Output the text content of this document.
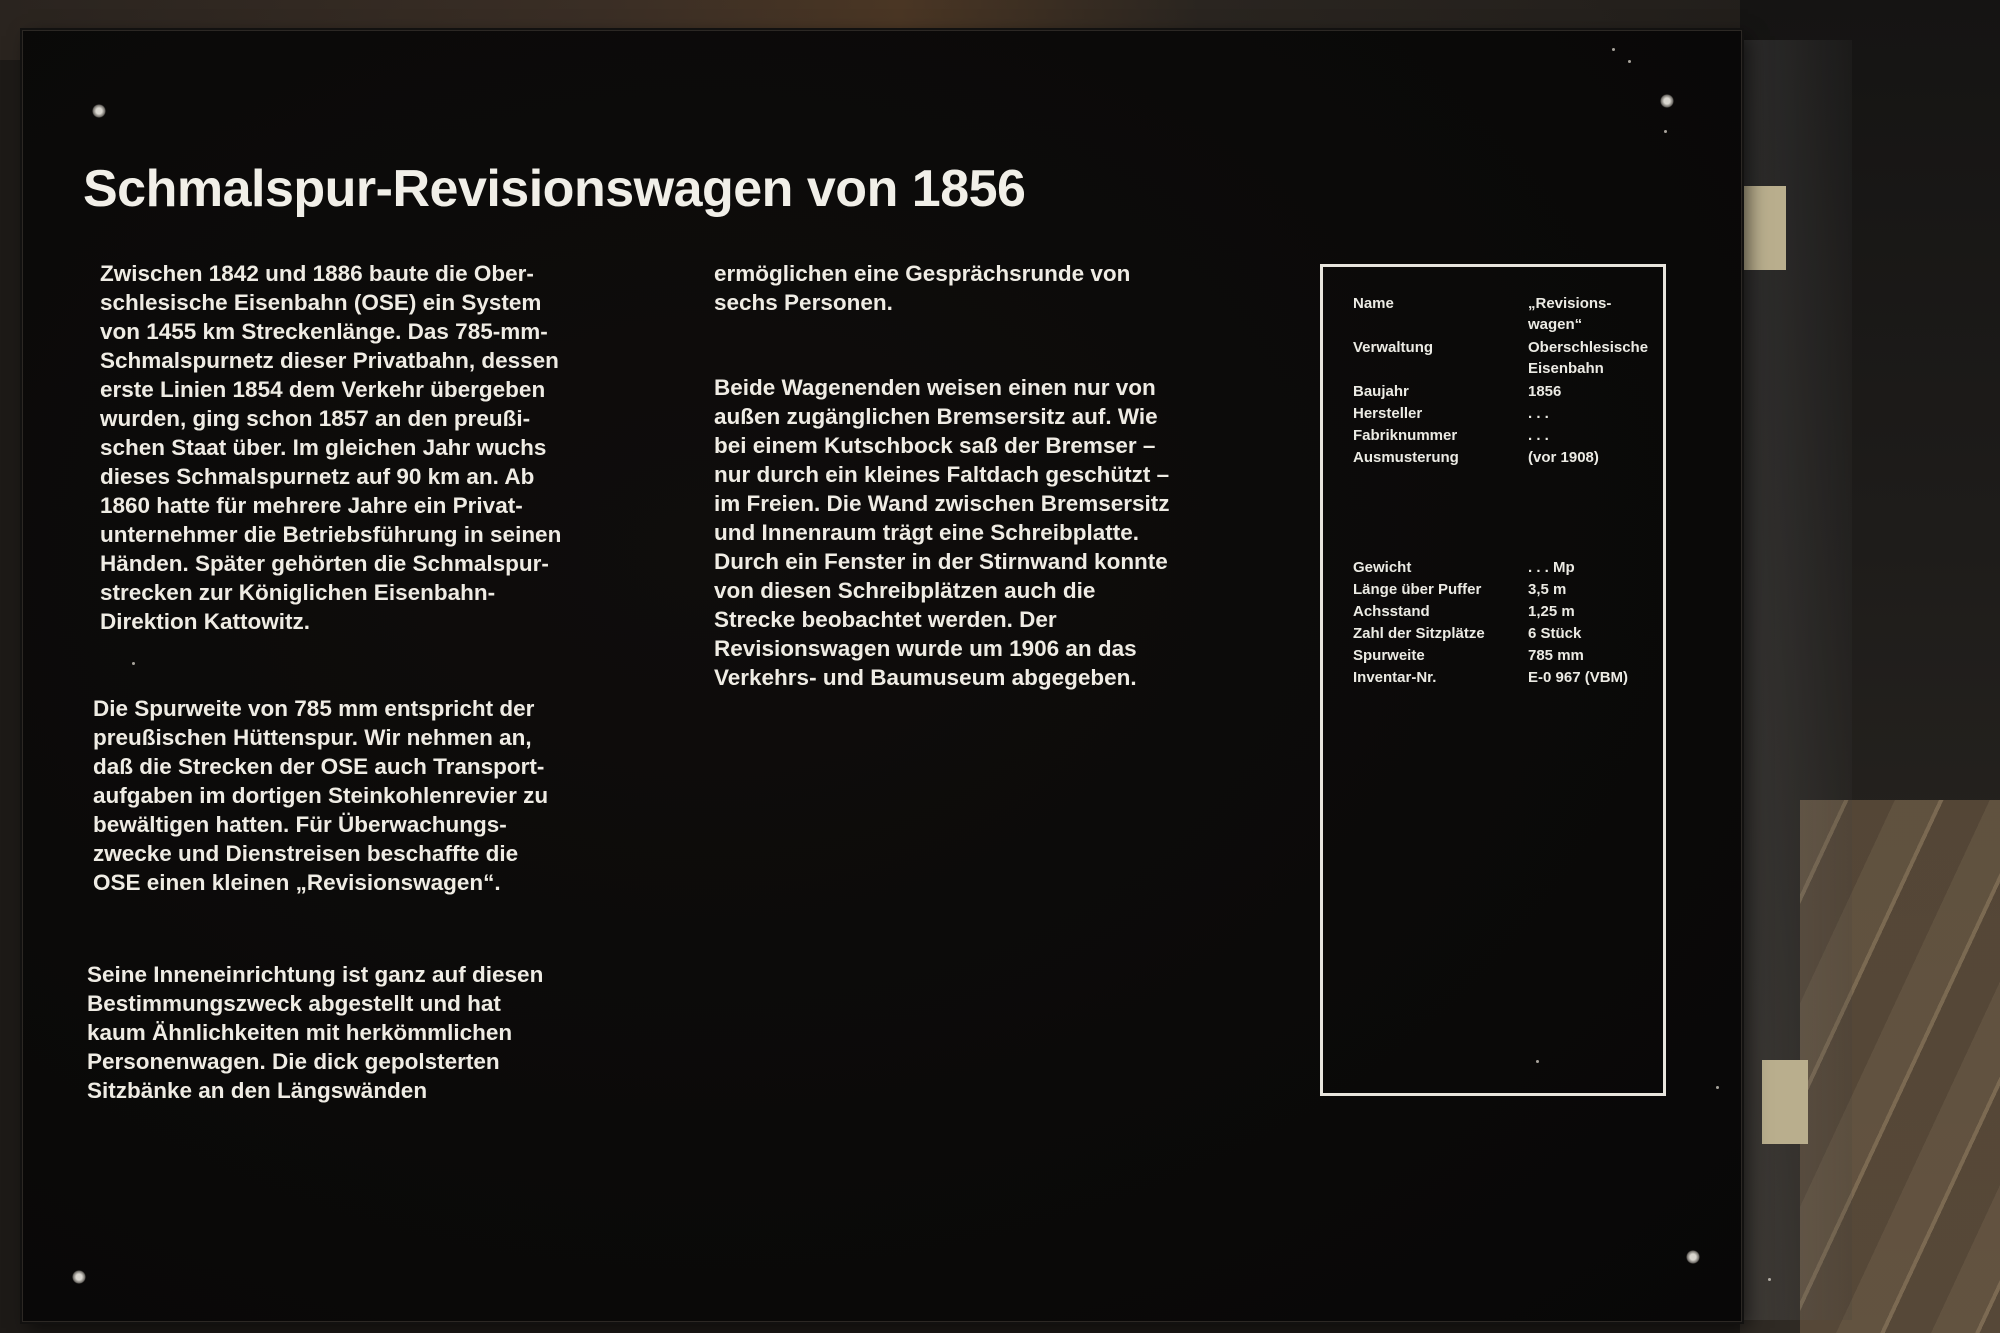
Schmalspur-Revisionswagen von 1856

Zwischen 1842 und 1886 baute die Ober-
schlesische Eisenbahn (OSE) ein System
von 1455 km Streckenlänge. Das 785-mm-
Schmalspurnetz dieser Privatbahn, dessen
erste Linien 1854 dem Verkehr übergeben
wurden, ging schon 1857 an den preußi-
schen Staat über. Im gleichen Jahr wuchs
dieses Schmalspurnetz auf 90 km an. Ab
1860 hatte für mehrere Jahre ein Privat-
unternehmer die Betriebsführung in seinen
Händen. Später gehörten die Schmalspur-
strecken zur Königlichen Eisenbahn-
Direktion Kattowitz.

Die Spurweite von 785 mm entspricht der
preußischen Hüttenspur. Wir nehmen an,
daß die Strecken der OSE auch Transport-
aufgaben im dortigen Steinkohlenrevier zu
bewältigen hatten. Für Überwachungs-
zwecke und Dienstreisen beschaffte die
OSE einen kleinen „Revisionswagen“.

Seine Inneneinrichtung ist ganz auf diesen
Bestimmungszweck abgestellt und hat
kaum Ähnlichkeiten mit herkömmlichen
Personenwagen. Die dick gepolsterten
Sitzbänke an den Längswänden

ermöglichen eine Gesprächsrunde von
sechs Personen.

Beide Wagenenden weisen einen nur von
außen zugänglichen Bremsersitz auf. Wie
bei einem Kutschbock saß der Bremser –
nur durch ein kleines Faltdach geschützt –
im Freien. Die Wand zwischen Bremsersitz
und Innenraum trägt eine Schreibplatte.
Durch ein Fenster in der Stirnwand konnte
von diesen Schreibplätzen auch die
Strecke beobachtet werden. Der
Revisionswagen wurde um 1906 an das
Verkehrs- und Baumuseum abgegeben.

Name	„Revisions-
wagen“
Verwaltung	Oberschlesische
Eisenbahn
Baujahr	1856
Hersteller	. . .
Fabriknummer	. . .
Ausmusterung	(vor 1908)
Gewicht	. . . Mp
Länge über Puffer	3,5 m
Achsstand	1,25 m
Zahl der Sitzplätze	6 Stück
Spurweite	785 mm
Inventar-Nr.	E-0 967 (VBM)
